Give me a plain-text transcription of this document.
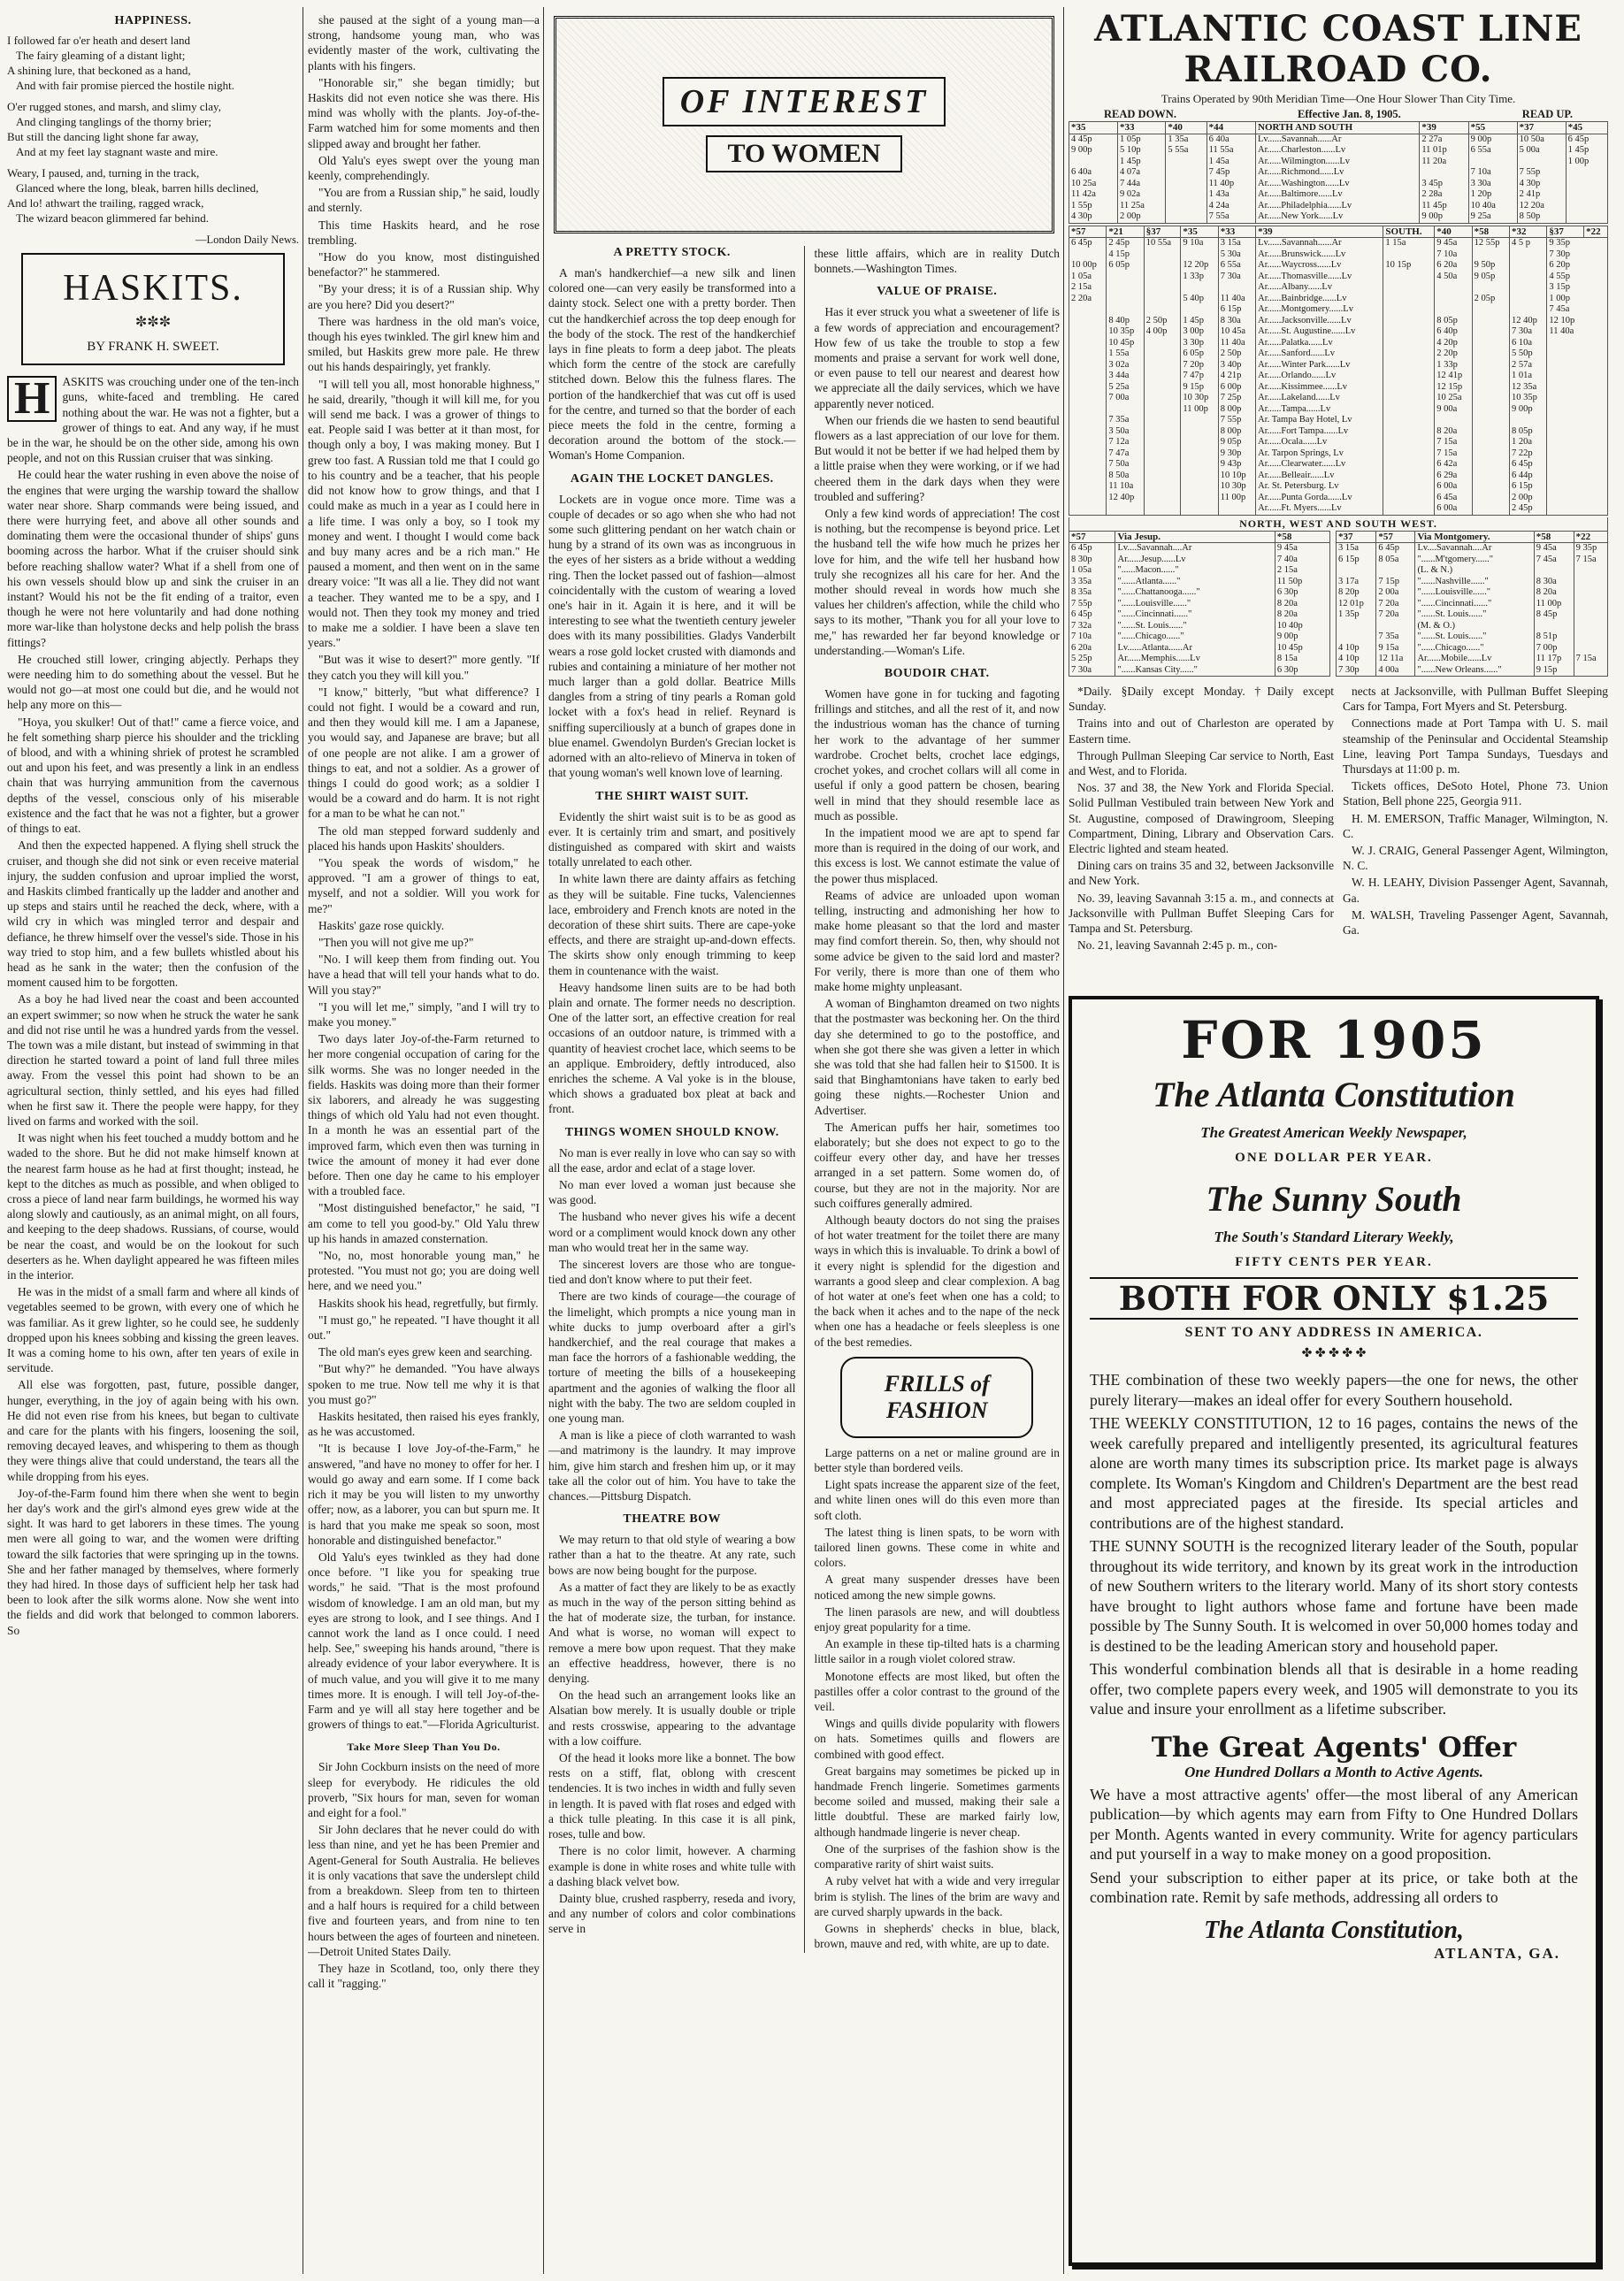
HAPPINESS.

I followed far o'er heath and desert land

The fairy gleaming of a distant light;

A shining lure, that beckoned as a hand,

And with fair promise pierced the hostile night.

O'er rugged stones, and marsh, and slimy clay,

And clinging tanglings of the thorny brier;

But still the dancing light shone far away,

And at my feet lay stagnant waste and mire.

Weary, I paused, and, turning in the track,

Glanced where the long, bleak, barren hills declined,

And lo! athwart the trailing, ragged wrack,

The wizard beacon glimmered far behind.

—London Daily News.

HASKITS.
✼✼✼
BY FRANK H. SWEET.
H	ASKITS was crouching under one of the ten-inch guns, white-faced and trembling. He cared nothing about the war. He was not a fighter, but a grower of things to eat. And any way, if he must be in the war, he should be on the other side, among his own people, and not on this Russian cruiser that was sinking.

He could hear the water rushing in even above the noise of the engines that were urging the warship toward the shallow water near shore. Sharp commands were being issued, and there were hurrying feet, and above all other sounds and dominating them were the occasional thunder of ships' guns booming across the harbor. What if the cruiser should sink before reaching shallow water? What if a shell from one of his own vessels should blow up and sink the cruiser in an instant? Would his not be the fit ending of a traitor, even though he were not here voluntarily and had done nothing more war-like than holystone decks and help polish the brass fittings?

He crouched still lower, cringing abjectly. Perhaps they were needing him to do something about the vessel. But he would not go—at most one could but die, and he would not help any more on this—

"Hoya, you skulker! Out of that!" came a fierce voice, and he felt something sharp pierce his shoulder and the trickling of blood, and with a whining shriek of protest he scrambled out and upon his feet, and was presently a link in an endless chain that was hurrying ammunition from the cavernous depths of the vessel, conscious only of his miserable existence and the fact that he was not a fighter, but a grower of things to eat.

And then the expected happened. A flying shell struck the cruiser, and though she did not sink or even receive material injury, the sudden confusion and uproar implied the worst, and Haskits climbed frantically up the ladder and another and up steps and stairs until he reached the deck, where, with a wild cry in which was mingled terror and despair and defiance, he threw himself over the vessel's side. Those in his way tried to stop him, and a few bullets whistled about his head as he sank in the water; then the confusion of the moment caused him to be forgotten.

As a boy he had lived near the coast and been accounted an expert swimmer; so now when he struck the water he sank and did not rise until he was a hundred yards from the vessel. The town was a mile distant, but instead of swimming in that direction he started toward a point of land full three miles away. From the vessel this point had shown to be an agricultural section, thinly settled, and his eyes had filled when he first saw it. There the people were happy, for they lived on farms and worked with the soil.

It was night when his feet touched a muddy bottom and he waded to the shore. But he did not make himself known at the nearest farm house as he had at first thought; instead, he kept to the ditches as much as possible, and when obliged to cross a piece of land near farm buildings, he wormed his way along slowly and cautiously, as an animal might, on all fours, and keeping to the deep shadows. Russians, of course, would be near the coast, and would be on the lookout for such deserters as he. When daylight appeared he was fifteen miles in the interior.

He was in the midst of a small farm and where all kinds of vegetables seemed to be grown, with every one of which he was familiar. As it grew lighter, so he could see, he suddenly dropped upon his knees sobbing and kissing the green leaves. It was a coming home to his own, after ten years of exile in servitude.

All else was forgotten, past, future, possible danger, hunger, everything, in the joy of again being with his own. He did not even rise from his knees, but began to cultivate and care for the plants with his fingers, loosening the soil, removing decayed leaves, and whispering to them as though they were things alive that could understand, the tears all the while dropping from his eyes.

Joy-of-the-Farm found him there when she went to begin her day's work and the girl's almond eyes grew wide at the sight. It was hard to get laborers in these times. The young men were all going to war, and the women were drifting toward the silk factories that were springing up in the towns. She and her father managed by themselves, where formerly they had hired. In those days of sufficient help her task had been to look after the silk worms alone. Now she went into the fields and did work that belonged to common laborers. So

she paused at the sight of a young man—a strong, handsome young man, who was evidently master of the work, cultivating the plants with his fingers.

"Honorable sir," she began timidly; but Haskits did not even notice she was there. His mind was wholly with the plants. Joy-of-the-Farm watched him for some moments and then slipped away and brought her father.

Old Yalu's eyes swept over the young man keenly, comprehendingly.

"You are from a Russian ship," he said, loudly and sternly.

This time Haskits heard, and he rose trembling.

"How do you know, most distinguished benefactor?" he stammered.

"By your dress; it is of a Russian ship. Why are you here? Did you desert?"

There was hardness in the old man's voice, though his eyes twinkled. The girl knew him and smiled, but Haskits grew more pale. He threw out his hands despairingly, yet frankly.

"I will tell you all, most honorable highness," he said, drearily, "though it will kill me, for you will send me back. I was a grower of things to eat. People said I was better at it than most, for though only a boy, I was making money. But I grew too fast. A Russian told me that I could go to his country and be a teacher, that his people did not know how to grow things, and that I could make as much in a year as I could here in a life time. I was only a boy, so I took my money and went. I thought I would come back and buy many acres and be a rich man." He paused a moment, and then went on in the same dreary voice: "It was all a lie. They did not want a teacher. They wanted me to be a spy, and I would not. Then they took my money and tried to make me a soldier. I have been a slave ten years."

"But was it wise to desert?" more gently. "If they catch you they will kill you."

"I know," bitterly, "but what difference? I could not fight. I would be a coward and run, and then they would kill me. I am a Japanese, you would say, and Japanese are brave; but all of one people are not alike. I am a grower of things to eat, and not a soldier. As a grower of things I could do good work; as a soldier I would be a coward and do harm. It is not right for a man to be what he can not."

The old man stepped forward suddenly and placed his hands upon Haskits' shoulders.

"You speak the words of wisdom," he approved. "I am a grower of things to eat, myself, and not a soldier. Will you work for me?"

Haskits' gaze rose quickly.

"Then you will not give me up?"

"No. I will keep them from finding out. You have a head that will tell your hands what to do. Will you stay?"

"I you will let me," simply, "and I will try to make you money."

Two days later Joy-of-the-Farm returned to her more congenial occupation of caring for the silk worms. She was no longer needed in the fields. Haskits was doing more than their former six laborers, and already he was suggesting things of which old Yalu had not even thought. In a month he was an essential part of the improved farm, which even then was turning in twice the amount of money it had ever done before. Then one day he came to his employer with a troubled face.

"Most distinguished benefactor," he said, "I am come to tell you good-by." Old Yalu threw up his hands in amazed consternation.

"No, no, most honorable young man," he protested. "You must not go; you are doing well here, and we need you."

Haskits shook his head, regretfully, but firmly.

"I must go," he repeated. "I have thought it all out."

The old man's eyes grew keen and searching.

"But why?" he demanded. "You have always spoken to me true. Now tell me why it is that you must go?"

Haskits hesitated, then raised his eyes frankly, as he was accustomed.

"It is because I love Joy-of-the-Farm," he answered, "and have no money to offer for her. I would go away and earn some. If I come back rich it may be you will listen to my unworthy offer; now, as a laborer, you can but spurn me. It is hard that you make me speak so soon, most honorable and distinguished benefactor."

Old Yalu's eyes twinkled as they had done once before. "I like you for speaking true words," he said. "That is the most profound wisdom of knowledge. I am an old man, but my eyes are strong to look, and I see things. And I cannot work the land as I once could. I need help. See," sweeping his hands around, "there is already evidence of your labor everywhere. It is of much value, and you will give it to me many times more. It is enough. I will tell Joy-of-the-Farm and ye will all stay here together and be growers of things to eat."—Florida Agriculturist.

Take More Sleep Than You Do.

Sir John Cockburn insists on the need of more sleep for everybody. He ridicules the old proverb, "Six hours for man, seven for woman and eight for a fool."

Sir John declares that he never could do with less than nine, and yet he has been Premier and Agent-General for South Australia. He believes it is only vacations that save the underslept child from a breakdown. Sleep from ten to thirteen and a half hours is required for a child between five and fourteen years, and from nine to ten hours between the ages of fourteen and nineteen.—Detroit United States Daily.

They haze in Scotland, too, only there they call it "ragging."

OF INTEREST
TO WOMEN
A PRETTY STOCK.

A man's handkerchief—a new silk and linen colored one—can very easily be transformed into a dainty stock. Select one with a pretty border. Then cut the handkerchief across the top deep enough for the body of the stock. The rest of the handkerchief lays in fine pleats to form a deep jabot. The pleats which form the centre of the stock are carefully stitched down. Below this the fulness flares. The portion of the handkerchief that was cut off is used for the centre, and turned so that the border of each piece meets the fold in the centre, forming a decoration around the bottom of the stock.—Woman's Home Companion.

AGAIN THE LOCKET DANGLES.

Lockets are in vogue once more. Time was a couple of decades or so ago when she who had not some such glittering pendant on her watch chain or hung by a strand of its own was as incongruous in the eyes of her sisters as a bride without a wedding ring. Then the locket passed out of fashion—almost coincidentally with the custom of wearing a loved one's hair in it. Again it is here, and it will be interesting to see what the twentieth century jeweler does with its many possibilities. Gladys Vanderbilt wears a rose gold locket crusted with diamonds and rubies and containing a miniature of her mother not much larger than a gold dollar. Beatrice Mills dangles from a string of tiny pearls a Roman gold locket with a fox's head in relief. Reynard is sniffing superciliously at a bunch of grapes done in blue enamel. Gwendolyn Burden's Grecian locket is adorned with an alto-relievo of Minerva in token of that young woman's well known love of learning.

THE SHIRT WAIST SUIT.

Evidently the shirt waist suit is to be as good as ever. It is certainly trim and smart, and positively distinguished as compared with skirt and waists totally unrelated to each other.

In white lawn there are dainty affairs as fetching as they will be suitable. Fine tucks, Valenciennes lace, embroidery and French knots are noted in the decoration of these shirt suits. There are cape-yoke effects, and there are straight up-and-down effects. The skirts show only enough trimming to keep them in countenance with the waist.

Heavy handsome linen suits are to be had both plain and ornate. The former needs no description. One of the latter sort, an effective creation for real occasions of an outdoor nature, is trimmed with a quantity of heaviest crochet lace, which seems to be an applique. Embroidery, deftly introduced, also enriches the scheme. A Val yoke is in the blouse, which shows a graduated box pleat at back and front.

THINGS WOMEN SHOULD KNOW.

No man is ever really in love who can say so with all the ease, ardor and eclat of a stage lover.

No man ever loved a woman just because she was good.

The husband who never gives his wife a decent word or a compliment would knock down any other man who would treat her in the same way.

The sincerest lovers are those who are tongue-tied and don't know where to put their feet.

There are two kinds of courage—the courage of the limelight, which prompts a nice young man in white ducks to jump overboard after a girl's handkerchief, and the real courage that makes a man face the horrors of a fashionable wedding, the torture of meeting the bills of a housekeeping apartment and the agonies of walking the floor all night with the baby. The two are seldom coupled in one young man.

A man is like a piece of cloth warranted to wash—and matrimony is the laundry. It may improve him, give him starch and freshen him up, or it may take all the color out of him. You have to take the chances.—Pittsburg Dispatch.

THEATRE BOW

We may return to that old style of wearing a bow rather than a hat to the theatre. At any rate, such bows are now being bought for the purpose.

As a matter of fact they are likely to be as exactly as much in the way of the person sitting behind as the hat of moderate size, the turban, for instance. And what is worse, no woman will expect to remove a mere bow upon request. That they make an effective headdress, however, there is no denying.

On the head such an arrangement looks like an Alsatian bow merely. It is usually double or triple and rests crosswise, appearing to the advantage with a low coiffure.

Of the head it looks more like a bonnet. The bow rests on a stiff, flat, oblong with crescent tendencies. It is two inches in width and fully seven in length. It is paved with flat roses and edged with a thick tulle pleating. In this case it is all pink, roses, tulle and bow.

There is no color limit, however. A charming example is done in white roses and white tulle with a dashing black velvet bow.

Dainty blue, crushed raspberry, reseda and ivory, and any number of colors and color combinations serve in

these little affairs, which are in reality Dutch bonnets.—Washington Times.

VALUE OF PRAISE.

Has it ever struck you what a sweetener of life is a few words of appreciation and encouragement? How few of us take the trouble to stop a few moments and praise a servant for work well done, or even pause to tell our nearest and dearest how we appreciate all the daily services, which we have apparently never noticed.

When our friends die we hasten to send beautiful flowers as a last appreciation of our love for them. But would it not be better if we had helped them by a little praise when they were working, or if we had cheered them in the dark days when they were troubled and suffering?

Only a few kind words of appreciation! The cost is nothing, but the recompense is beyond price. Let the husband tell the wife how much he prizes her love for him, and the wife tell her husband how truly she recognizes all his care for her. And the mother should reveal in words how much she values her children's affection, while the child who says to its mother, "Thank you for all your love to me," has rewarded her far beyond knowledge or understanding.—Woman's Life.

BOUDOIR CHAT.

Women have gone in for tucking and fagoting frillings and stitches, and all the rest of it, and now the industrious woman has the chance of turning her work to the advantage of her summer wardrobe. Crochet belts, crochet lace edgings, crochet yokes, and crochet collars will all come in useful if only a good pattern be chosen, bearing well in mind that they should resemble lace as much as possible.

In the impatient mood we are apt to spend far more than is required in the doing of our work, and this excess is lost. We cannot estimate the value of the power thus misplaced.

Reams of advice are unloaded upon woman telling, instructing and admonishing her how to make home pleasant so that the lord and master may find comfort therein. So, then, why should not some advice be given to the said lord and master? For verily, there is more than one of them who make home mighty unpleasant.

A woman of Binghamton dreamed on two nights that the postmaster was beckoning her. On the third day she determined to go to the postoffice, and when she got there she was given a letter in which she was told that she had fallen heir to $1500. It is said that Binghamtonians have taken to early bed going these nights.—Rochester Union and Advertiser.

The American puffs her hair, sometimes too elaborately; but she does not expect to go to the coiffeur every other day, and have her tresses arranged in a set pattern. Some women do, of course, but they are not in the majority. Nor are such coiffures generally admired.

Although beauty doctors do not sing the praises of hot water treatment for the toilet there are many ways in which this is invaluable. To drink a bowl of it every night is splendid for the digestion and warrants a good sleep and clear complexion. A bag of hot water at one's feet when one has a cold; to the back when it aches and to the nape of the neck when one has a headache or feels sleepless is one of the best remedies.

FRILLS of FASHION

Large patterns on a net or maline ground are in better style than bordered veils.

Light spats increase the apparent size of the feet, and white linen ones will do this even more than soft cloth.

The latest thing is linen spats, to be worn with tailored linen gowns. These come in white and colors.

A great many suspender dresses have been noticed among the new simple gowns.

The linen parasols are new, and will doubtless enjoy great popularity for a time.

An example in these tip-tilted hats is a charming little sailor in a rough violet colored straw.

Monotone effects are most liked, but often the pastilles offer a color contrast to the ground of the veil.

Wings and quills divide popularity with flowers on hats. Sometimes quills and flowers are combined with good effect.

Great bargains may sometimes be picked up in handmade French lingerie. Sometimes garments become soiled and mussed, making their sale a little doubtful. These are marked fairly low, although handmade lingerie is never cheap.

One of the surprises of the fashion show is the comparative rarity of shirt waist suits.

A ruby velvet hat with a wide and very irregular brim is stylish. The lines of the brim are wavy and are curved sharply upwards in the back.

Gowns in shepherds' checks in blue, black, brown, mauve and red, with white, are up to date.

ATLANTIC COAST LINE RAILROAD CO.
Trains Operated by 90th Meridian Time—One Hour Slower Than City Time.
READ DOWN.	Effective Jan. 8, 1905.	READ UP.
*35	*33	*40	*44	NORTH AND SOUTH	*39	*55	*37	*45
4 45p	1 05p	1 35a	6 40a	Lv......Savannah......Ar	2 27a	9 00p	10 50a	6 45p
9 00p	5 10p	5 55a	11 55a	Ar......Charleston......Lv	11 01p	6 55a	5 00a	1 45p
	1 45p		1 45a	Ar......Wilmington......Lv	11 20a			1 00p
6 40a	4 07a		7 45p	Ar......Richmond......Lv		7 10a	7 55p	
10 25a	7 44a		11 40p	Ar......Washington......Lv	3 45p	3 30a	4 30p	
11 42a	9 02a		1 43a	Ar......Baltimore......Lv	2 28a	1 20p	2 41p	
1 55p	11 25a		4 24a	Ar......Philadelphia......Lv	11 45p	10 40a	12 20a	
4 30p	2 00p		7 55a	Ar......New York......Lv	9 00p	9 25a	8 50p	
*57	*21	§37	*35	*33	*39	SOUTH.	*40	*58	*32	§37	*22
6 45p	2 45p	10 55a	9 10a	3 15a	Lv......Savannah......Ar	1 15a	9 45a	12 55p	4 5 p	9 35p	
	4 15p			5 30a	Ar......Brunswick......Lv		7 10a			7 30p	
10 00p	6 05p		12 20p	6 55a	Ar......Waycross......Lv	10 15p	6 20a	9 50p		6 20p	
1 05a			1 33p	7 30a	Ar......Thomasville......Lv		4 50a	9 05p		4 55p	
2 15a					Ar......Albany......Lv					3 15p	
2 20a			5 40p	11 40a	Ar......Bainbridge......Lv			2 05p		1 00p	
				6 15p	Ar......Montgomery......Lv					7 45a	
	8 40p	2 50p	1 45p	8 30a	Ar......Jacksonville......Lv		8 05p		12 40p	12 10p	
	10 35p	4 00p	3 00p	10 45a	Ar......St. Augustine......Lv		6 40p		7 30a	11 40a	
	10 45p		3 30p	11 40a	Ar......Palatka......Lv		4 20p		6 10a		
	1 55a		6 05p	2 50p	Ar......Sanford......Lv		2 20p		5 50p		
	3 02a		7 20p	3 40p	Ar......Winter Park......Lv		1 33p		2 57a		
	3 44a		7 47p	4 21p	Ar......Orlando......Lv		12 41p		1 01a		
	5 25a		9 15p	6 00p	Ar......Kissimmee......Lv		12 15p		12 35a		
	7 00a		10 30p	7 25p	Ar......Lakeland......Lv		10 25a		10 35p		
			11 00p	8 00p	Ar......Tampa......Lv		9 00a		9 00p		
	7 35a			7 55p	Ar. Tampa Bay Hotel, Lv						
	3 50a			8 00p	Ar......Fort Tampa......Lv		8 20a		8 05p		
	7 12a			9 05p	Ar......Ocala......Lv		7 15a		1 20a		
	7 47a			9 30p	Ar. Tarpon Springs, Lv		7 15a		7 22p		
	7 50a			9 43p	Ar......Clearwater......Lv		6 42a		6 45p		
	8 50a			10 10p	Ar......Belleair......Lv		6 29a		6 44p		
	11 10a			10 30p	Ar. St. Petersburg. Lv		6 00a		6 15p		
	12 40p			11 00p	Ar......Punta Gorda......Lv		6 45a		2 00p		
					Ar......Ft. Myers......Lv		6 00a		2 45p		
NORTH, WEST AND SOUTH WEST.
*57	Via Jesup.	*58
6 45p	Lv....Savannah....Ar	9 45a
8 30p	Ar......Jesup......Lv	7 40a
1 05a	"......Macon......"	2 15a
3 35a	"......Atlanta......"	11 50p
8 35a	"......Chattanooga......"	6 30p
7 55p	"......Louisville......"	8 20a
6 45p	"......Cincinnati......"	8 20a
7 32a	"......St. Louis......"	10 40p
7 10a	"......Chicago......"	9 00p
6 20a	Lv......Atlanta......Ar	10 45p
5 25p	Ar......Memphis......Lv	8 15a
7 30a	"......Kansas City......"	6 30p
*37	*57	Via Montgomery.	*58	*22
3 15a	6 45p	Lv....Savannah....Ar	9 45a	9 35p
6 15p	8 05a	"......M'tgomery......"	7 45a	7 15a
		(L. & N.)		
3 17a	7 15p	"......Nashville......"	8 30a	
8 20p	2 00a	"......Louisville......"	8 20a	
12 01p	7 20a	"......Cincinnati......"	11 00p	
1 35p	7 20a	"......St. Louis......"	8 45p	
		(M. & O.)		
	7 35a	"......St. Louis......"	8 51p	
4 10p	9 15a	"......Chicago......"	7 00p	
4 10p	12 11a	Ar......Mobile......Lv	11 17p	7 15a
7 30p	4 00a	"......New Orleans......"	9 15p	

*Daily. §Daily except Monday. †Daily except Sunday.

Trains into and out of Charleston are operated by Eastern time.

Through Pullman Sleeping Car service to North, East and West, and to Florida.

Nos. 37 and 38, the New York and Florida Special. Solid Pullman Vestibuled train between New York and St. Augustine, composed of Drawingroom, Sleeping Compartment, Dining, Library and Observation Cars. Electric lighted and steam heated.

Dining cars on trains 35 and 32, between Jacksonville and New York.

No. 39, leaving Savannah 3:15 a. m., and connects at Jacksonville with Pullman Buffet Sleeping Cars for Tampa and St. Petersburg.

No. 21, leaving Savannah 2:45 p. m., con-

nects at Jacksonville, with Pullman Buffet Sleeping Cars for Tampa, Fort Myers and St. Petersburg.

Connections made at Port Tampa with U. S. mail steamship of the Peninsular and Occidental Steamship Line, leaving Port Tampa Sundays, Tuesdays and Thursdays at 11:00 p. m.

Tickets offices, DeSoto Hotel, Phone 73. Union Station, Bell phone 225, Georgia 911.

H. M. EMERSON, Traffic Manager, Wilmington, N. C.

W. J. CRAIG, General Passenger Agent, Wilmington, N. C.

W. H. LEAHY, Division Passenger Agent, Savannah, Ga.

M. WALSH, Traveling Passenger Agent, Savannah, Ga.

FOR 1905
The Atlanta Constitution
The Greatest American Weekly Newspaper,
ONE DOLLAR PER YEAR.
The Sunny South
The South's Standard Literary Weekly,
FIFTY CENTS PER YEAR.
BOTH FOR ONLY $1.25
SENT TO ANY ADDRESS IN AMERICA.
✤ ✤ ✤ ✤ ✤

THE combination of these two weekly papers—the one for news, the other purely literary—makes an ideal offer for every Southern household.

THE WEEKLY CONSTITUTION, 12 to 16 pages, contains the news of the week carefully prepared and intelligently presented, its agricultural features alone are worth many times its subscription price. Its market page is always complete. Its Woman's Kingdom and Children's Department are the best read and most appreciated pages at the fireside. Its special articles and contributions are of the highest standard.

THE SUNNY SOUTH is the recognized literary leader of the South, popular throughout its wide territory, and known by its great work in the introduction of new Southern writers to the literary world. Many of its short story contests have brought to light authors whose fame and fortune have been made possible by The Sunny South. It is welcomed in over 50,000 homes today and is destined to be the leading American story and household paper.

This wonderful combination blends all that is desirable in a home reading offer, two complete papers every week, and 1905 will demonstrate to you its value and insure your enrollment as a lifetime subscriber.

The Great Agents' Offer
One Hundred Dollars a Month to Active Agents.

We have a most attractive agents' offer—the most liberal of any American publication—by which agents may earn from Fifty to One Hundred Dollars per Month. Agents wanted in every community. Write for agency particulars and put yourself in a way to make money on a good proposition.

Send your subscription to either paper at its price, or take both at the combination rate. Remit by safe methods, addressing all orders to

The Atlanta Constitution,
ATLANTA, GA.
